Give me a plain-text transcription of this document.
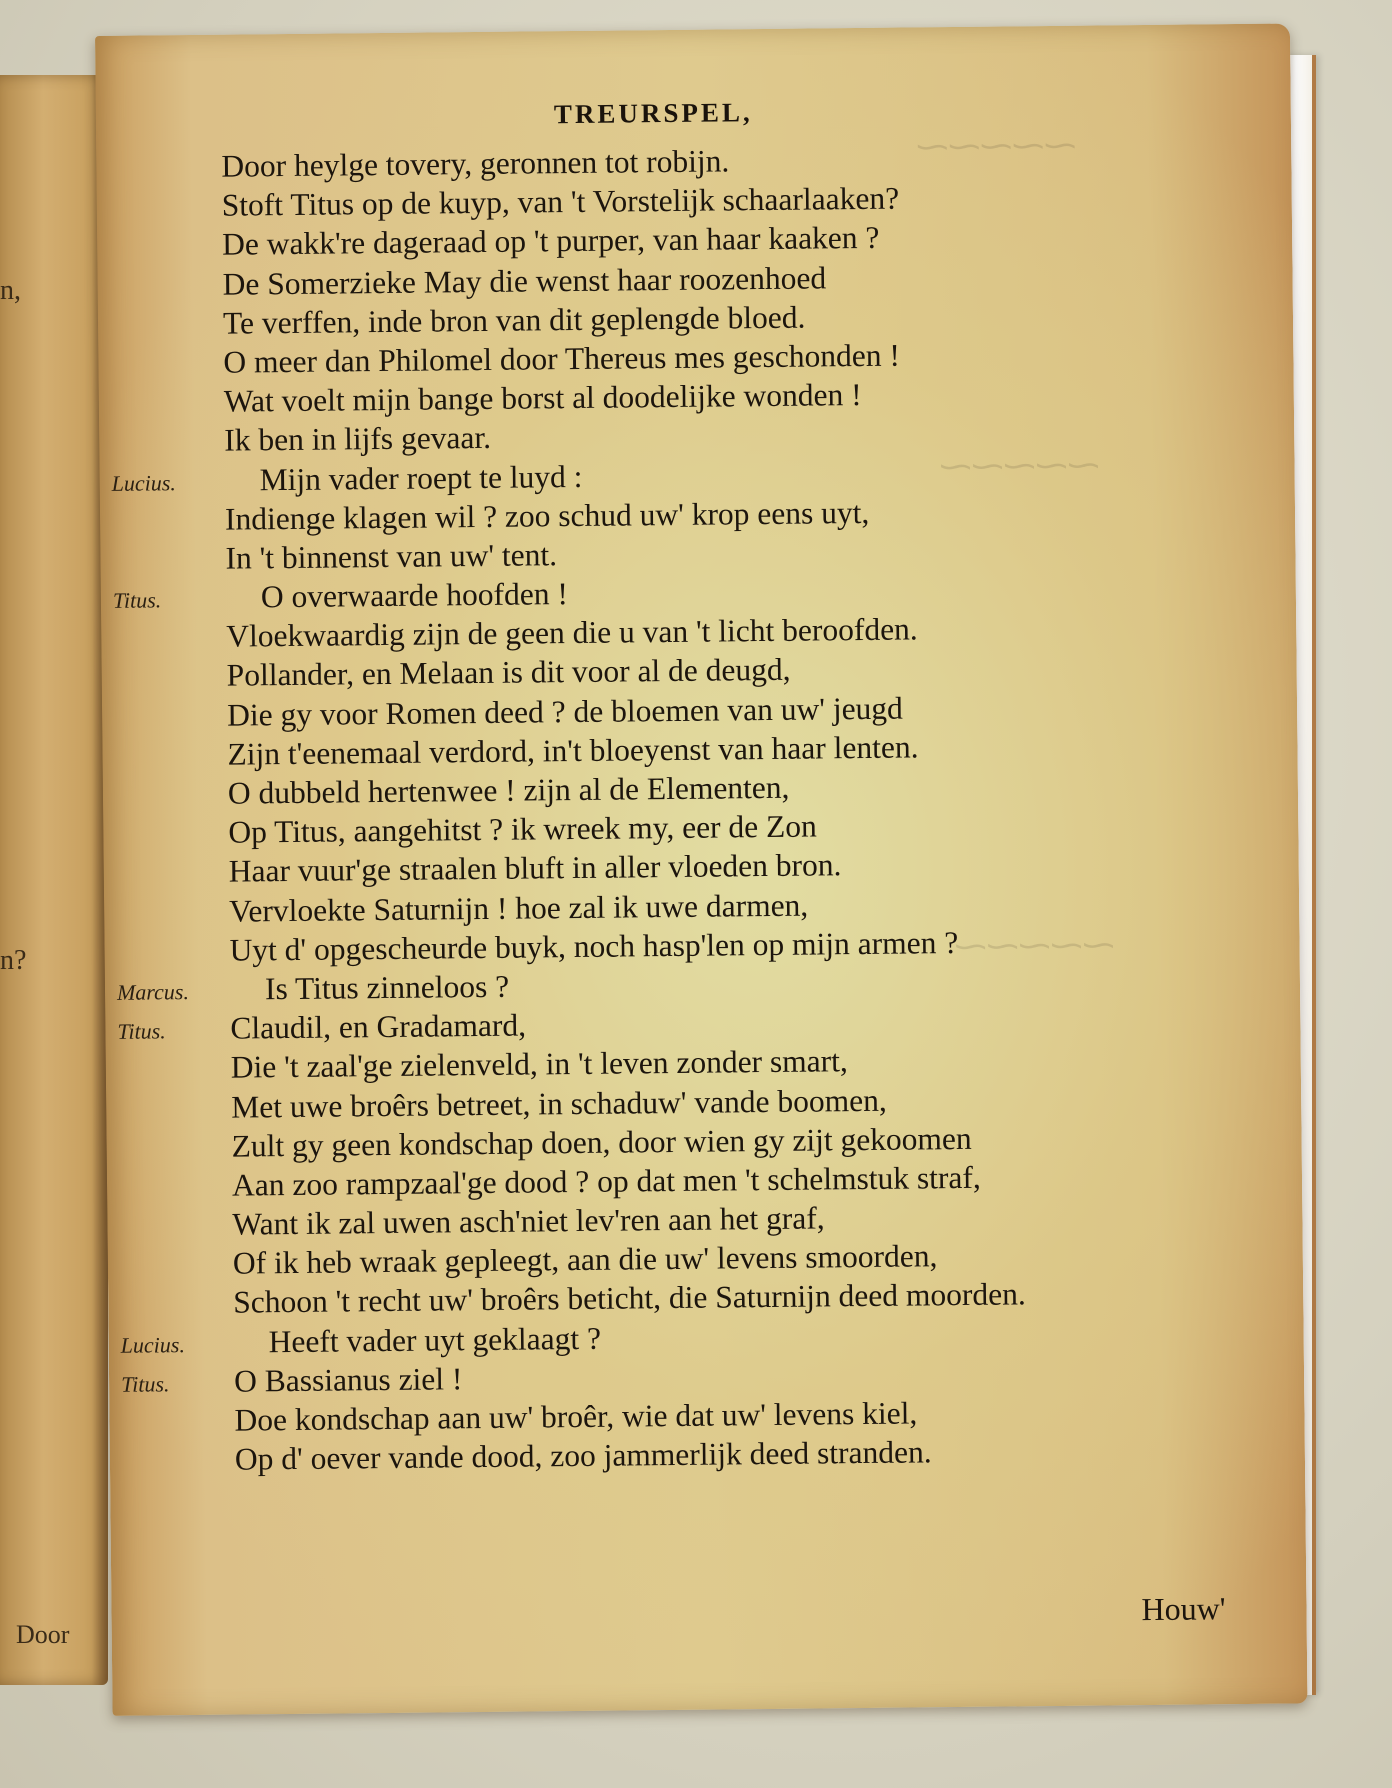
n,
n?
Door
⁓⁓⁓⁓⁓
⁓⁓⁓⁓⁓
⁓⁓⁓⁓⁓
TREURSPEL,
Door heylge tovery, geronnen tot robijn.
Stoft Titus op de kuyp, van 't Vorstelijk schaarlaaken?
De wakk're dageraad op 't purper, van haar kaaken ?
De Somerzieke May die wenst haar roozenhoed
Te verffen, inde bron van dit geplengde bloed.
O meer dan Philomel door Thereus mes geschonden !
Wat voelt mijn bange borst al doodelijke wonden !
Ik ben in lijfs gevaar.
Lucius.	Mijn vader roept te luyd :
Indienge klagen wil ? zoo schud uw' krop eens uyt,
In 't binnenst van uw' tent.
Titus.	O overwaarde hoofden !
Vloekwaardig zijn de geen die u van 't licht beroofden.
Pollander, en Melaan is dit voor al de deugd,
Die gy voor Romen deed ? de bloemen van uw' jeugd
Zijn t'eenemaal verdord, in't bloeyenst van haar lenten.
O dubbeld hertenwee ! zijn al de Elementen,
Op Titus, aangehitst ? ik wreek my, eer de Zon
Haar vuur'ge straalen bluft in aller vloeden bron.
Vervloekte Saturnijn ! hoe zal ik uwe darmen,
Uyt d' opgescheurde buyk, noch hasp'len op mijn armen ?
Marcus. Is Titus zinneloos ?
Titus. Claudil, en Gradamard,
Die 't zaal'ge zielenveld, in 't leven zonder smart,
Met uwe broêrs betreet, in schaduw' vande boomen,
Zult gy geen kondschap doen, door wien gy zijt gekoomen
Aan zoo rampzaal'ge dood ? op dat men 't schelmstuk straf,
Want ik zal uwen asch'niet lev'ren aan het graf,
Of ik heb wraak gepleegt, aan die uw' levens smoorden,
Schoon 't recht uw' broêrs beticht, die Saturnijn deed moorden.
Lucius.	Heeft vader uyt geklaagt ?
Titus. O Bassianus ziel !
Doe kondschap aan uw' broêr, wie dat uw' levens kiel,
Op d' oever vande dood, zoo jammerlijk deed stranden.
Houw'
